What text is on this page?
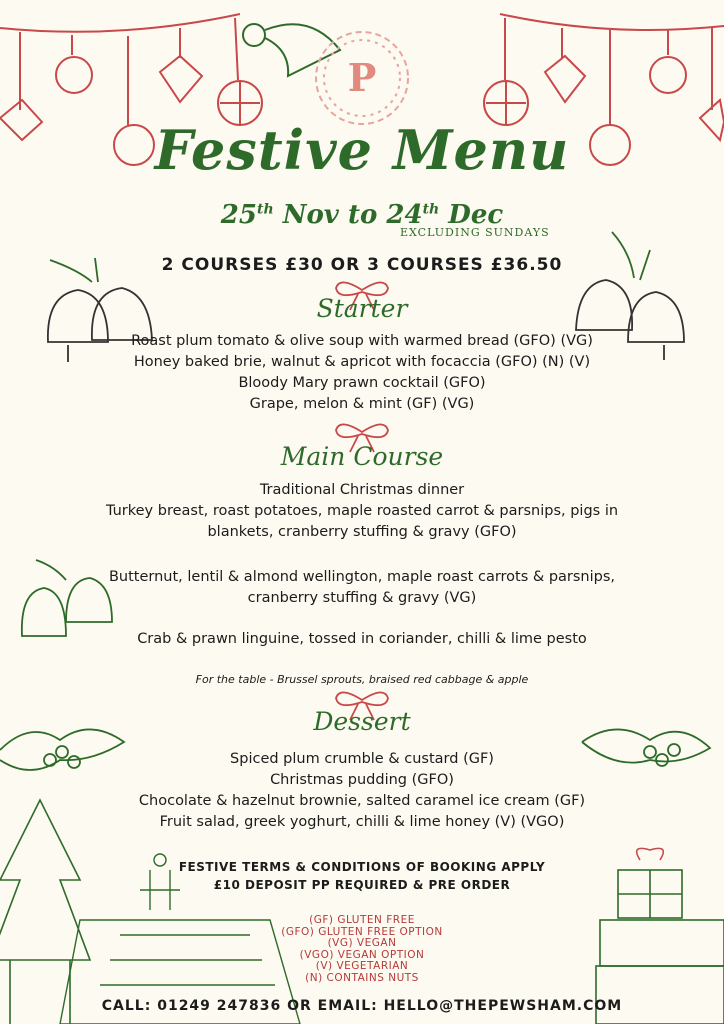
P
Festive Menu
25th Nov to 24th Dec
EXCLUDING SUNDAYS
2 COURSES £30 OR 3 COURSES £36.50
Starter
Roast plum tomato & olive soup with warmed bread (GFO) (VG)
Honey baked brie, walnut & apricot with focaccia (GFO) (N) (V)
Bloody Mary prawn cocktail (GFO)
Grape, melon & mint (GF) (VG)
Main Course
Traditional Christmas dinner
Turkey breast, roast potatoes, maple roasted carrot & parsnips, pigs in
blankets, cranberry stuffing & gravy (GFO)
Butternut, lentil & almond wellington, maple roast carrots & parsnips,
cranberry stuffing & gravy (VG)
Crab & prawn linguine, tossed in coriander, chilli & lime pesto
For the table - Brussel sprouts, braised red cabbage & apple
Dessert
Spiced plum crumble & custard (GF)
Christmas pudding (GFO)
Chocolate & hazelnut brownie, salted caramel ice cream (GF)
Fruit salad, greek yoghurt, chilli & lime honey (V) (VGO)
FESTIVE TERMS & CONDITIONS OF BOOKING APPLY
£10 DEPOSIT PP REQUIRED & PRE ORDER
(GF) GLUTEN FREE
(GFO) GLUTEN FREE OPTION
(VG) VEGAN
(VGO) VEGAN OPTION
(V) VEGETARIAN
(N) CONTAINS NUTS
CALL: 01249 247836 OR EMAIL: HELLO@THEPEWSHAM.COM
